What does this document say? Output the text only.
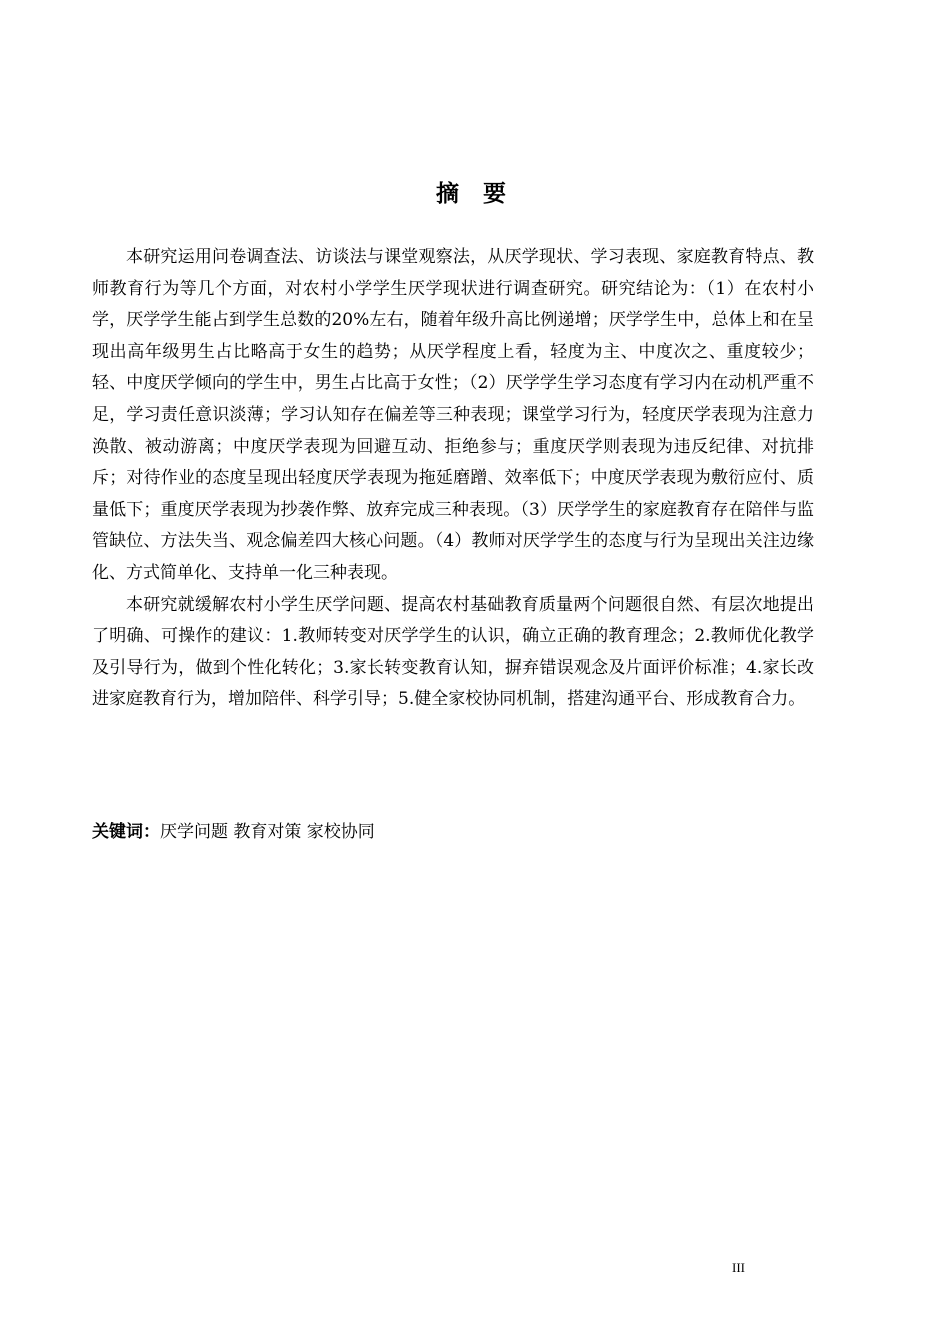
摘 要

本研究运用问卷调查法、访谈法与课堂观察法，从厌学现状、学习表现、家庭教育特点、教师教育行为等几个方面，对农村小学学生厌学现状进行调查研究。研究结论为：（1）在农村小学，厌学学生能占到学生总数的20%左右，随着年级升高比例递增；厌学学生中，总体上和在呈现出高年级男生占比略高于女生的趋势；从厌学程度上看，轻度为主、中度次之、重度较少；轻、中度厌学倾向的学生中，男生占比高于女性；（2）厌学学生学习态度有学习内在动机严重不足，学习责任意识淡薄；学习认知存在偏差等三种表现；课堂学习行为，轻度厌学表现为注意力涣散、被动游离；中度厌学表现为回避互动、拒绝参与；重度厌学则表现为违反纪律、对抗排斥；对待作业的态度呈现出轻度厌学表现为拖延磨蹭、效率低下；中度厌学表现为敷衍应付、质量低下；重度厌学表现为抄袭作弊、放弃完成三种表现。（3）厌学学生的家庭教育存在陪伴与监管缺位、方法失当、观念偏差四大核心问题。（4）教师对厌学学生的态度与行为呈现出关注边缘化、方式简单化、支持单一化三种表现。

本研究就缓解农村小学生厌学问题、提高农村基础教育质量两个问题很自然、有层次地提出了明确、可操作的建议：1.教师转变对厌学学生的认识，确立正确的教育理念；2.教师优化教学及引导行为，做到个性化转化；3.家长转变教育认知，摒弃错误观念及片面评价标准；4.家长改进家庭教育行为，增加陪伴、科学引导；5.健全家校协同机制，搭建沟通平台、形成教育合力。

关键词：厌学问题 教育对策 家校协同
III
